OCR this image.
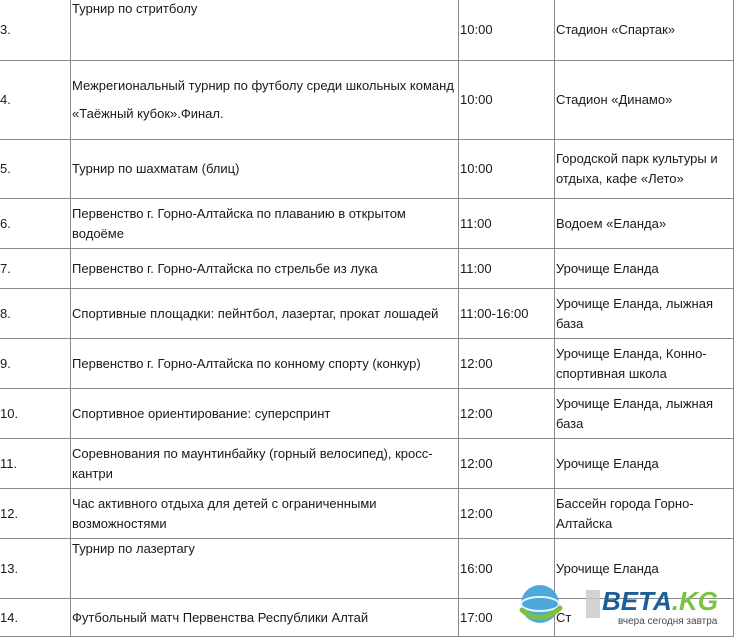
3.	Турнир по стритболу	10:00	Стадион «Спартак»
4.	Межрегиональный турнир по футболу среди школьных команд
«Таёжный кубок».Финал.	10:00	Стадион «Динамо»
5.	Турнир по шахматам (блиц)	10:00	Городской парк культуры и отдыха, кафе «Лето»
6.	Первенство г. Горно-Алтайска по плаванию в открытом водоёме	11:00	Водоем «Еланда»
7.	Первенство г. Горно-Алтайска по стрельбе из лука	11:00	Урочище Еланда
8.	Спортивные площадки: пейнтбол, лазертаг, прокат лошадей	11:00-16:00	Урочище Еланда, лыжная база
9.	Первенство г. Горно-Алтайска по конному спорту (конкур)	12:00	Урочище Еланда, Конно-спортивная школа
10.	Спортивное ориентирование: суперспринт	12:00	Урочище Еланда, лыжная база
11.	Соревнования по маунтинбайку (горный велосипед), кросс-кантри	12:00	Урочище Еланда
12.	Час активного отдыха для детей с ограниченными возможностями	12:00	Бассейн города Горно-Алтайска
13.	Турнир по лазертагу	16:00	Урочище Еланда
14.	Футбольный матч Первенства Республики Алтай	17:00	Ст
BEТА.KG
вчера сегодня завтра
